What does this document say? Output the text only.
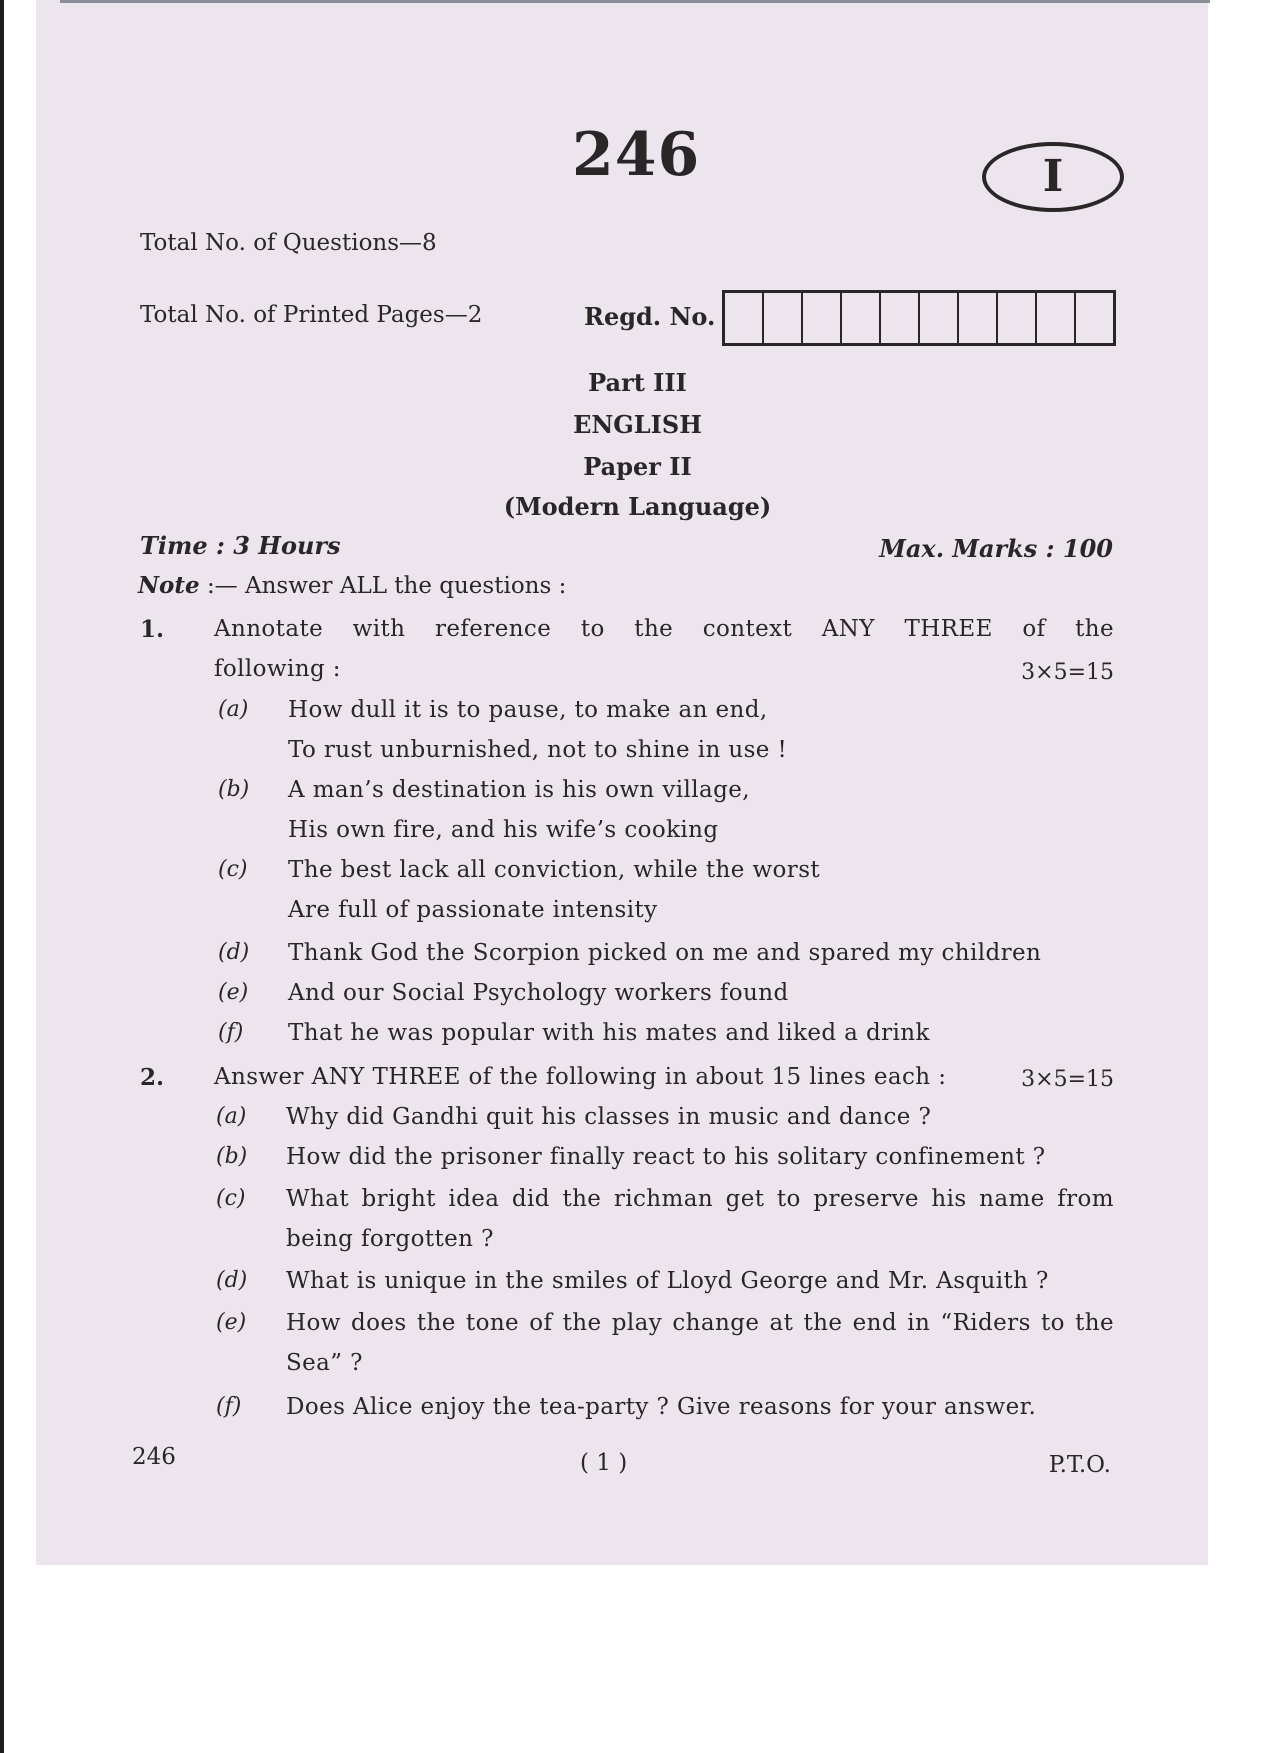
246	I
Total No. of Questions—8
Total No. of Printed Pages—2	Regd. No.
Part III
ENGLISH
Paper II
(Modern Language)
Time : 3 Hours	Max. Marks : 100
Note :— Answer ALL the questions :
1. Annotate with reference to the context ANY THREE of the
following :	3×5=15
(a) How dull it is to pause, to make an end,
To rust unburnished, not to shine in use !
(b) A man’s destination is his own village,
His own fire, and his wife’s cooking
(c) The best lack all conviction, while the worst
Are full of passionate intensity
(d) Thank God the Scorpion picked on me and spared my children
(e) And our Social Psychology workers found
(f) That he was popular with his mates and liked a drink
2. Answer ANY THREE of the following in about 15 lines each :	3×5=15
(a) Why did Gandhi quit his classes in music and dance ?
(b) How did the prisoner finally react to his solitary confinement ?
(c) What bright idea did the richman get to preserve his name from
being forgotten ?
(d) What is unique in the smiles of Lloyd George and Mr. Asquith ?
(e) How does the tone of the play change at the end in “Riders to the
Sea” ?
(f) Does Alice enjoy the tea-party ? Give reasons for your answer.
246	( 1 )	P.T.O.
